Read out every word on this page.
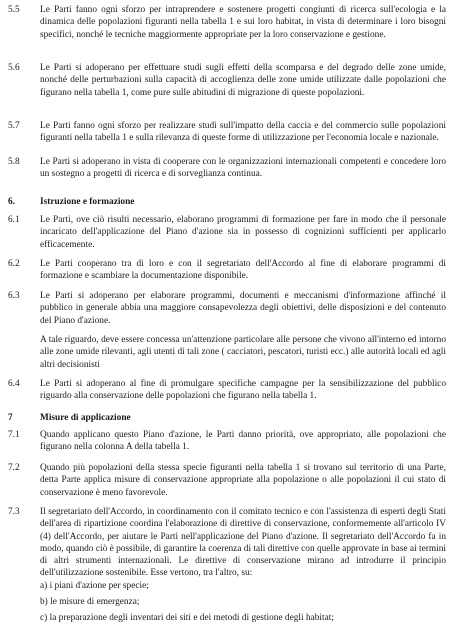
5.5	Le Parti fanno ogni sforzo per intraprendere e sostenere progetti congiunti di ricerca sull'ecologia e la dinamica delle popolazioni figuranti nella tabella 1 e sui loro habitat, in vista di determinare i loro bisogni specifici, nonché le tecniche maggiormente appropriate per la loro conservazione e gestione.
5.6	Le Parti si adoperano per effettuare studi sugli effetti della scomparsa e del degrado delle zone umide, nonché delle perturbazioni sulla capacità di accoglienza delle zone umide utilizzate dalle popolazioni che figurano nella tabella 1, come pure sulle abitudini di migrazione di queste popolazioni.
5.7	Le Parti fanno ogni sforzo per realizzare studi sull'impatto della caccia e del commercio sulle popolazioni figuranti nella tabella 1 e sulla rilevanza di queste forme di utilizzazione per l'economia locale e nazionale.
5.8	Le Parti si adoperano in vista di cooperare con le organizzazioni internazionali competenti e concedere loro un sostegno a progetti di ricerca e di sorveglianza continua.
6.	Istruzione e formazione
6.1	Le Parti, ove ciò risulti necessario, elaborano programmi di formazione per fare in modo che il personale incaricato dell'applicazione del Piano d'azione sia in possesso di cognizioni sufficienti per applicarlo efficacemente.
6.2	Le Parti cooperano tra di loro e con il segretariato dell'Accordo al fine di elaborare programmi di formazione e scambiare la documentazione disponibile.
6.3	Le Parti si adoperano per elaborare programmi, documenti e meccanismi d'informazione affinché il pubblico in generale abbia una maggiore consapevolezza degli obiettivi, delle disposizioni e del contenuto del Piano d'azione.
A tale riguardo, deve essere concessa un'attenzione particolare alle persone che vivono all'interno ed intorno alle zone umide rilevanti, agli utenti di tali zone ( cacciatori, pescatori, turisti ecc.) alle autorità locali ed agli altri decisionisti
6.4	Le Parti si adoperano al fine di promulgare specifiche campagne per la sensibilizzazione del pubblico riguardo alla conservazione delle popolazioni che figurano nella tabella 1.
7	Misure di applicazione
7.1	Quando applicano questo Piano d'azione, le Parti danno priorità, ove appropriato, alle popolazioni che figurano nella colonna A della tabella 1.
7.2	Quando più popolazioni della stessa specie figuranti nella tabella 1 si trovano sul territorio di una Parte, detta Parte applica misure di conservazione appropriate alla popolazione o alle popolazioni il cui stato di conservazione è meno favorevole.
7.3	Il segretariato dell'Accordo, in coordinamento con il comitato tecnico e con l'assistenza di esperti degli Stati dell'area di ripartizione coordina l'elaborazione di direttive di conservazione, conformemente all'articolo IV (4) dell'Accordo, per aiutare le Parti nell'applicazione del Piano d'azione. Il segretariato dell'Accordo fa in modo, quando ciò è possibile, di garantire la coerenza di tali direttive con quelle approvate in base ai termini di altri strumenti internazionali. Le direttive di conservazione mirano ad introdurre il principio dell'utilizzazione sostenibile. Esse vertono, tra l'altro, su:
a) i piani d'azione per specie;
b) le misure di emergenza;
c) la preparazione degli inventari dei siti e dei metodi di gestione degli habitat;
